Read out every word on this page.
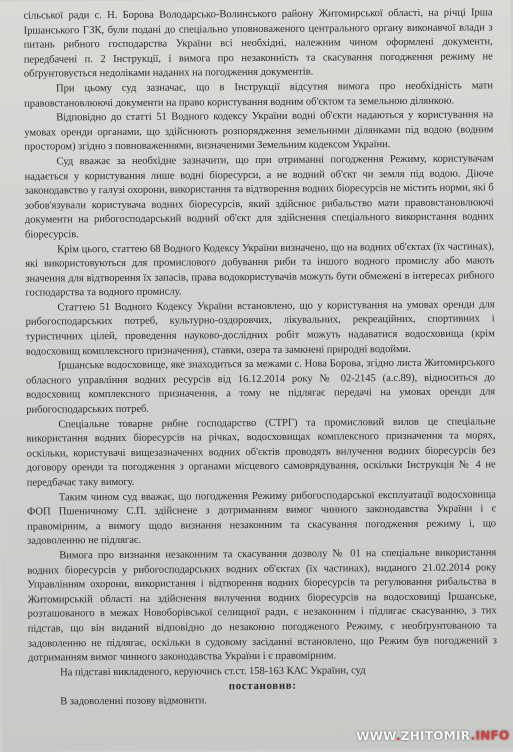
сільської ради с. Н. Борова Володарсько-Волинського району Житомирської області, на річці Ірша Іршанського ГЗК, були подані до спеціально уповноваженого центрального органу виконавчої влади з питань рибного господарства України всі необхідні, належним чином оформлені документи, передбачені п. 2 Інструкції, і вимога про незаконність та скасування погодження режиму не обґрунтовується недоліками наданих на погодження документів.

При цьому суд зазначає, що в Інструкції відсутня вимога про необхідність мати правовстановлюючі документи на право користування водним об'єктом та земельною ділянкою.

Відповідно до статті 51 Водного кодексу України водні об'єкти надаються у користування на умовах оренди органами, що здійснюють розпорядження земельними ділянками під водою (водним простором) згідно з повноваженнями, визначеними Земельним кодексом України.

Суд вважає за необхідне зазначити, що при отриманні погодження Режиму, користувачам надається у користування лише водні біоресурси, а не водний об'єкт чи земля під водою. Діюче законодавство у галузі охорони, використання та відтворення водних біоресурсів не містить норми, які б зобов'язували користувача водних біоресурсів, який здійснює рибальство мати правовстановлюючі документи на рибогосподарський водний об'єкт для здійснення спеціального використання водних біоресурсів.

Крім цього, статтею 68 Водного Кодексу України визначено, що на водних об'єктах (їх частинах), які використовуються для промислового добування риби та іншого водного промислу або мають значення для відтворення їх запасів, права водокористувачів можуть бути обмежені в інтересах рибного господарства та водного промислу.

Статтею 51 Водного Кодексу України встановлено, що у користування на умовах оренди для рибогосподарських потреб, культурно-оздоровчих, лікувальних, рекреаційних, спортивних і туристичних цілей, проведення науково-дослідних робіт можуть надаватися водосховища (крім водосховищ комплексного призначення), ставки, озера та замкнені природні водойми.

Іршанське водосховище, яке знаходиться за межами с. Нова Борова, згідно листа Житомирського обласного управління водних ресурсів від 16.12.2014 року № 02-2145 (а.с.89), відноситься до водосховищ комплексного призначення, а тому не підлягає передачі на умовах оренди для рибогосподарських потреб.

Спеціальне товарне рибне господарство (СТРГ) та промисловий вилов це спеціальне використання водних біоресурсів на річках, водосховищах комплексного призначення та морях, оскільки, користувачі вищезазначених водних об'єктів проводять вилучення водних біоресурсів без договору оренди та погодження з органами місцевого самоврядування, оскільки Інструкція № 4 не передбачає таку вимогу.

Таким чином суд вважає, що погодження Режиму рибогосподарської експлуатації водосховища ФОП Пшеничному С.П. здійснене з дотриманням вимог чинного законодавства України і є правомірним, а вимогу щодо визнання незаконним та скасування погодження режиму і, що задоволенню не підлягає.

Вимога про визнання незаконним та скасування дозволу № 01 на спеціальне використання водних біоресурсів у рибогосподарських водних об'єктах (їх частинах), виданого 21.02.2014 року Управлінням охорони, використання і відтворення водних біоресурсів та регулювання рибальства в Житомирській області на здійснення вилучення водних біоресурсів на водосховищі Іршанське, розташованого в межах Новоборівської селищної ради, є незаконним і підлягає скасуванню, з тих підстав, що він виданий відповідно до незаконно погодженого Режиму, є необґрунтованою та задоволенню не підлягає, оскільки в судовому засіданні встановлено, що Режим був погоджений з дотриманням вимог чинного законодавства України і є правомірним.

На підставі викладеного, керуючись ст.ст. 158-163 КАС України, суд

постановив:

В задоволенні позову відмовити.

WWW.ZHITOMIR.INFO
